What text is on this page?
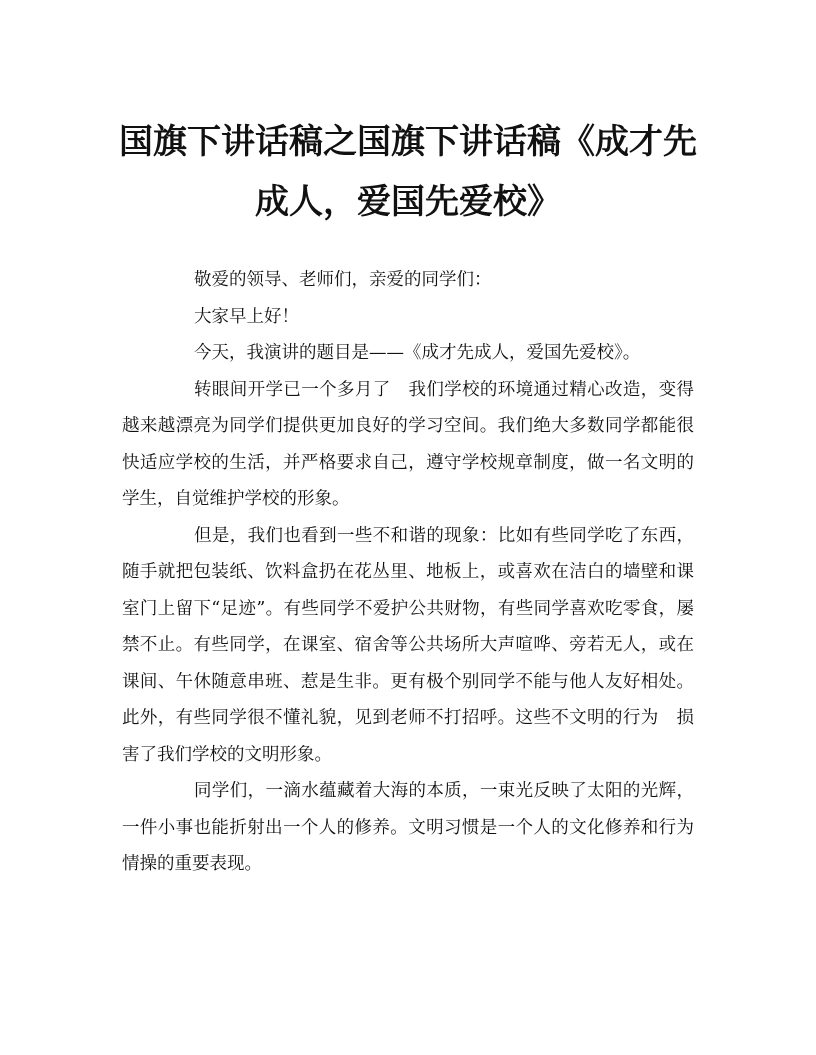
国旗下讲话稿之国旗下讲话稿《成才先
成人，爱国先爱校》

敬爱的领导、老师们，亲爱的同学们：

大家早上好！

今天，我演讲的题目是——《成才先成人，爱国先爱校》。

转眼间开学已一个多月了　我们学校的环境通过精心改造，变得越来越漂亮为同学们提供更加良好的学习空间。我们绝大多数同学都能很快适应学校的生活，并严格要求自己，遵守学校规章制度，做一名文明的学生，自觉维护学校的形象。

但是，我们也看到一些不和谐的现象：比如有些同学吃了东西，随手就把包装纸、饮料盒扔在花丛里、地板上，或喜欢在洁白的墙壁和课室门上留下“足迹”。有些同学不爱护公共财物，有些同学喜欢吃零食，屡禁不止。有些同学，在课室、宿舍等公共场所大声喧哗、旁若无人，或在课间、午休随意串班、惹是生非。更有极个别同学不能与他人友好相处。此外，有些同学很不懂礼貌，见到老师不打招呼。这些不文明的行为　损害了我们学校的文明形象。

同学们，一滴水蕴藏着大海的本质，一束光反映了太阳的光辉，一件小事也能折射出一个人的修养。文明习惯是一个人的文化修养和行为情操的重要表现。
